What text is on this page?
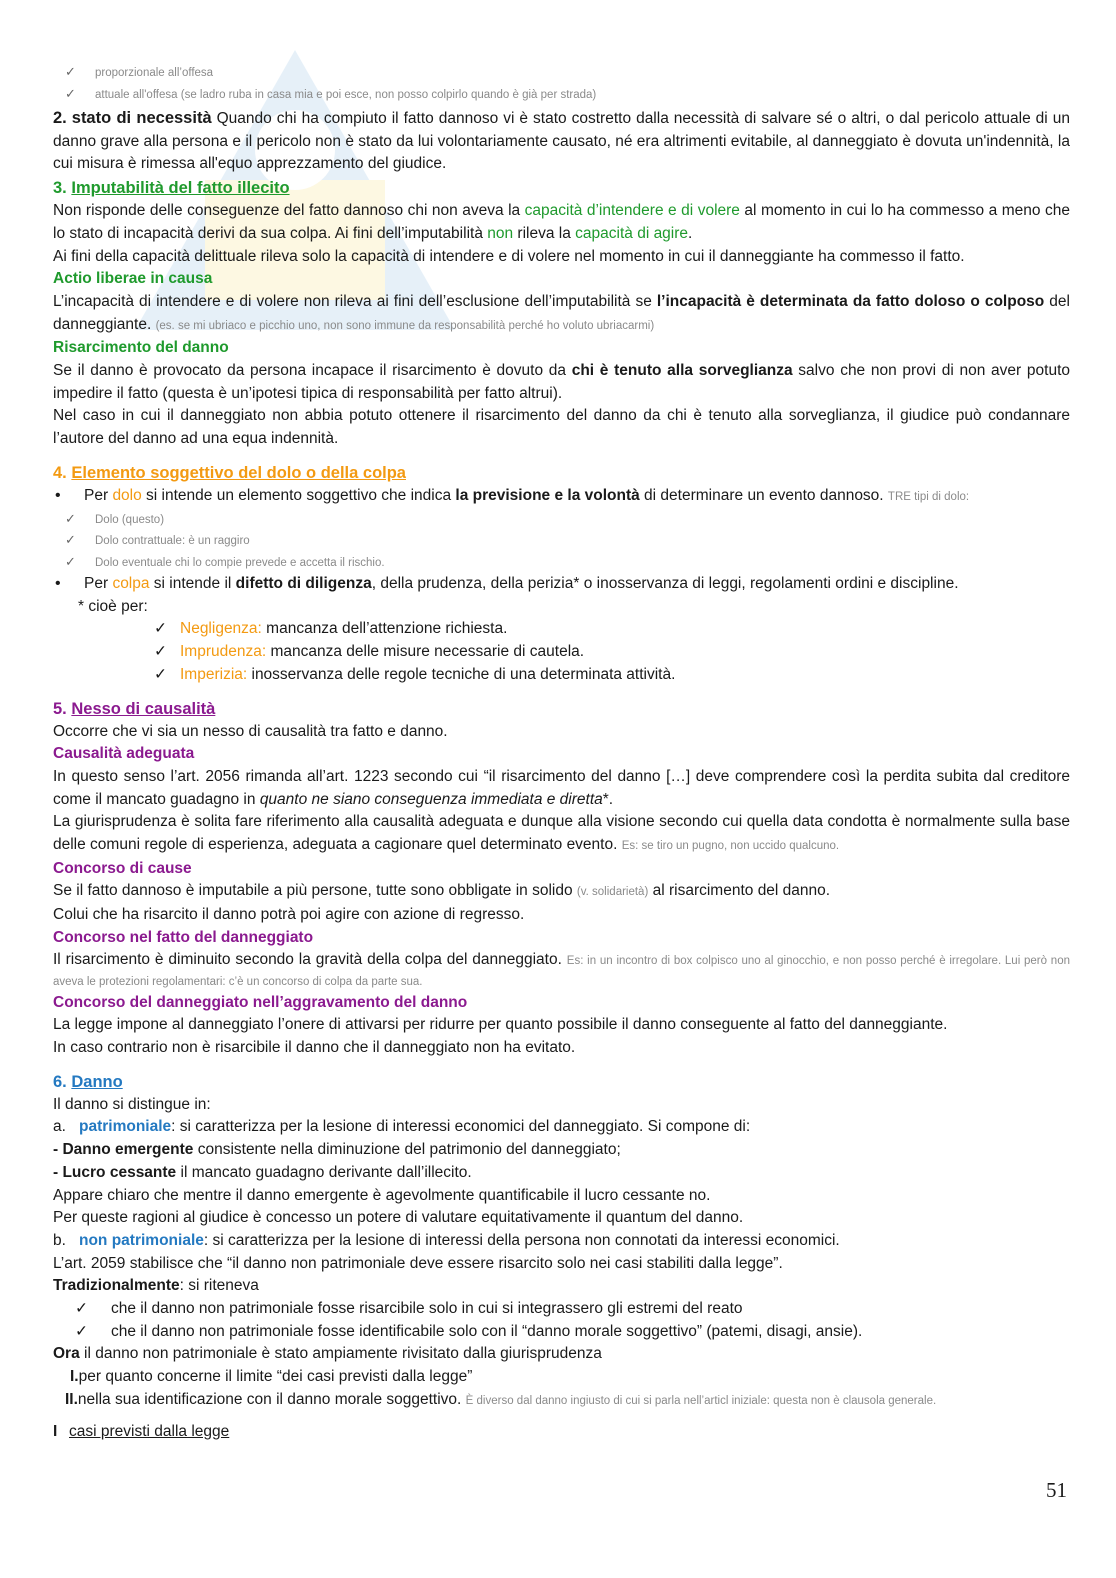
✓ proporzionale all’offesa

✓ attuale all'offesa (se ladro ruba in casa mia e poi esce, non posso colpirlo quando è già per strada)

2. stato di necessità Quando chi ha compiuto il fatto dannoso vi è stato costretto dalla necessità di salvare sé o altri, o dal pericolo attuale di un danno grave alla persona e il pericolo non è stato da lui volontariamente causato, né era altrimenti evitabile, al danneggiato è dovuta un'indennità, la cui misura è rimessa all'equo apprezzamento del giudice.

3. Imputabilità del fatto illecito

Non risponde delle conseguenze del fatto dannoso chi non aveva la capacità d’intendere e di volere al momento in cui lo ha commesso a meno che lo stato di incapacità derivi da sua colpa. Ai fini dell’imputabilità non rileva la capacità di agire.

Ai fini della capacità delittuale rileva solo la capacità di intendere e di volere nel momento in cui il danneggiante ha commesso il fatto.

Actio liberae in causa

L’incapacità di intendere e di volere non rileva ai fini dell’esclusione dell’imputabilità se l’incapacità è determinata da fatto doloso o colposo del danneggiante. (es. se mi ubriaco e picchio uno, non sono immune da responsabilità perché ho voluto ubriacarmi)

Risarcimento del danno

Se il danno è provocato da persona incapace il risarcimento è dovuto da chi è tenuto alla sorveglianza salvo che non provi di non aver potuto impedire il fatto (questa è un’ipotesi tipica di responsabilità per fatto altrui).

Nel caso in cui il danneggiato non abbia potuto ottenere il risarcimento del danno da chi è tenuto alla sorveglianza, il giudice può condannare l’autore del danno ad una equa indennità.

4. Elemento soggettivo del dolo o della colpa

• Per dolo si intende un elemento soggettivo che indica la previsione e la volontà di determinare un evento dannoso. TRE tipi di dolo:

✓ Dolo (questo)

✓ Dolo contrattuale: è un raggiro

✓ Dolo eventuale chi lo compie prevede e accetta il rischio.

• Per colpa si intende il difetto di diligenza, della prudenza, della perizia* o inosservanza di leggi, regolamenti ordini e discipline.

* cioè per:

✓ Negligenza: mancanza dell’attenzione richiesta.

✓ Imprudenza: mancanza delle misure necessarie di cautela.

✓ Imperizia: inosservanza delle regole tecniche di una determinata attività.

5. Nesso di causalità

Occorre che vi sia un nesso di causalità tra fatto e danno.

Causalità adeguata

In questo senso l’art. 2056 rimanda all’art. 1223 secondo cui “il risarcimento del danno […] deve comprendere così la perdita subita dal creditore come il mancato guadagno in quanto ne siano conseguenza immediata e diretta*.

La giurisprudenza è solita fare riferimento alla causalità adeguata e dunque alla visione secondo cui quella data condotta è normalmente sulla base delle comuni regole di esperienza, adeguata a cagionare quel determinato evento. Es: se tiro un pugno, non uccido qualcuno.

Concorso di cause

Se il fatto dannoso è imputabile a più persone, tutte sono obbligate in solido (v. solidarietà) al risarcimento del danno.

Colui che ha risarcito il danno potrà poi agire con azione di regresso.

Concorso nel fatto del danneggiato

Il risarcimento è diminuito secondo la gravità della colpa del danneggiato. Es: in un incontro di box colpisco uno al ginocchio, e non posso perché è irregolare. Lui però non aveva le protezioni regolamentari: c’è un concorso di colpa da parte sua.

Concorso del danneggiato nell’aggravamento del danno

La legge impone al danneggiato l’onere di attivarsi per ridurre per quanto possibile il danno conseguente al fatto del danneggiante.

In caso contrario non è risarcibile il danno che il danneggiato non ha evitato.

6. Danno

Il danno si distingue in:

a. patrimoniale: si caratterizza per la lesione di interessi economici del danneggiato. Si compone di:

- Danno emergente consistente nella diminuzione del patrimonio del danneggiato;

- Lucro cessante il mancato guadagno derivante dall’illecito.

Appare chiaro che mentre il danno emergente è agevolmente quantificabile il lucro cessante no.

Per queste ragioni al giudice è concesso un potere di valutare equitativamente il quantum del danno.

b. non patrimoniale: si caratterizza per la lesione di interessi della persona non connotati da interessi economici.

L’art. 2059 stabilisce che “il danno non patrimoniale deve essere risarcito solo nei casi stabiliti dalla legge”.

Tradizionalmente: si riteneva

✓ che il danno non patrimoniale fosse risarcibile solo in cui si integrassero gli estremi del reato

✓ che il danno non patrimoniale fosse identificabile solo con il “danno morale soggettivo” (patemi, disagi, ansie).

Ora il danno non patrimoniale è stato ampiamente rivisitato dalla giurisprudenza

I.per quanto concerne il limite “dei casi previsti dalla legge”

II.nella sua identificazione con il danno morale soggettivo. È diverso dal danno ingiusto di cui si parla nell’articl iniziale: questa non è clausola generale.

I casi previsti dalla legge

51
